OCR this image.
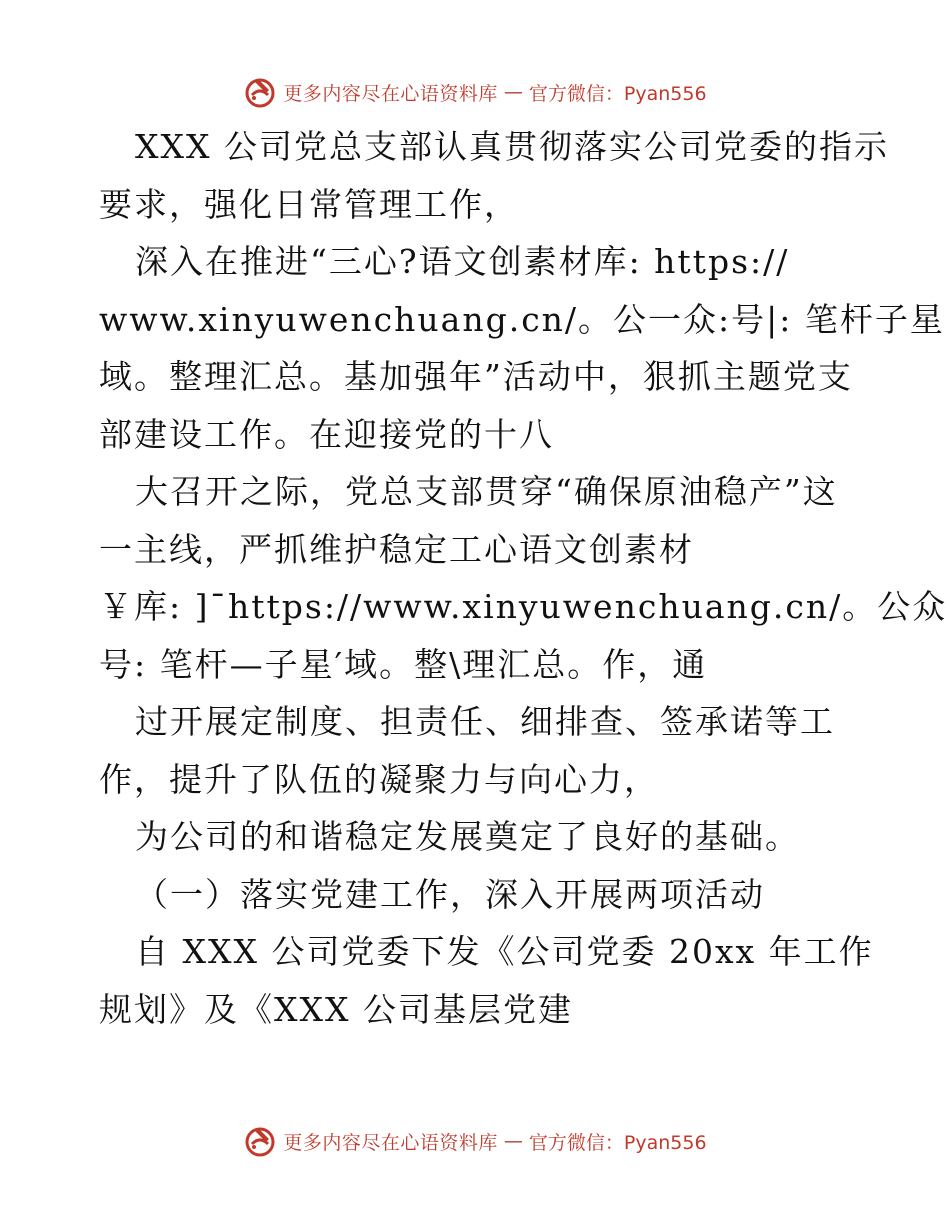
更多内容尽在心语资料库 — 官方微信：Pyan556
XXX 公司党总支部认真贯彻落实公司党委的指示
要求，强化日常管理工作，
深入在推进“三心?语文创素材库: https://
www.xinyuwenchuang.cn/。公一众:号|: 笔杆子星
域。整理汇总。基加强年”活动中，狠抓主题党支
部建设工作。在迎接党的十八
大召开之际，党总支部贯穿“确保原油稳产”这
一主线，严抓维护稳定工心语文创素材
￥库: ]¯https://www.xinyuwenchuang.cn/。公众
号: 笔杆—子星′域。整\理汇总。作，通
过开展定制度、担责任、细排查、签承诺等工
作，提升了队伍的凝聚力与向心力，
为公司的和谐稳定发展奠定了良好的基础。
（一）落实党建工作，深入开展两项活动
自 XXX 公司党委下发《公司党委 20xx 年工作
规划》及《XXX 公司基层党建
更多内容尽在心语资料库 — 官方微信：Pyan556
